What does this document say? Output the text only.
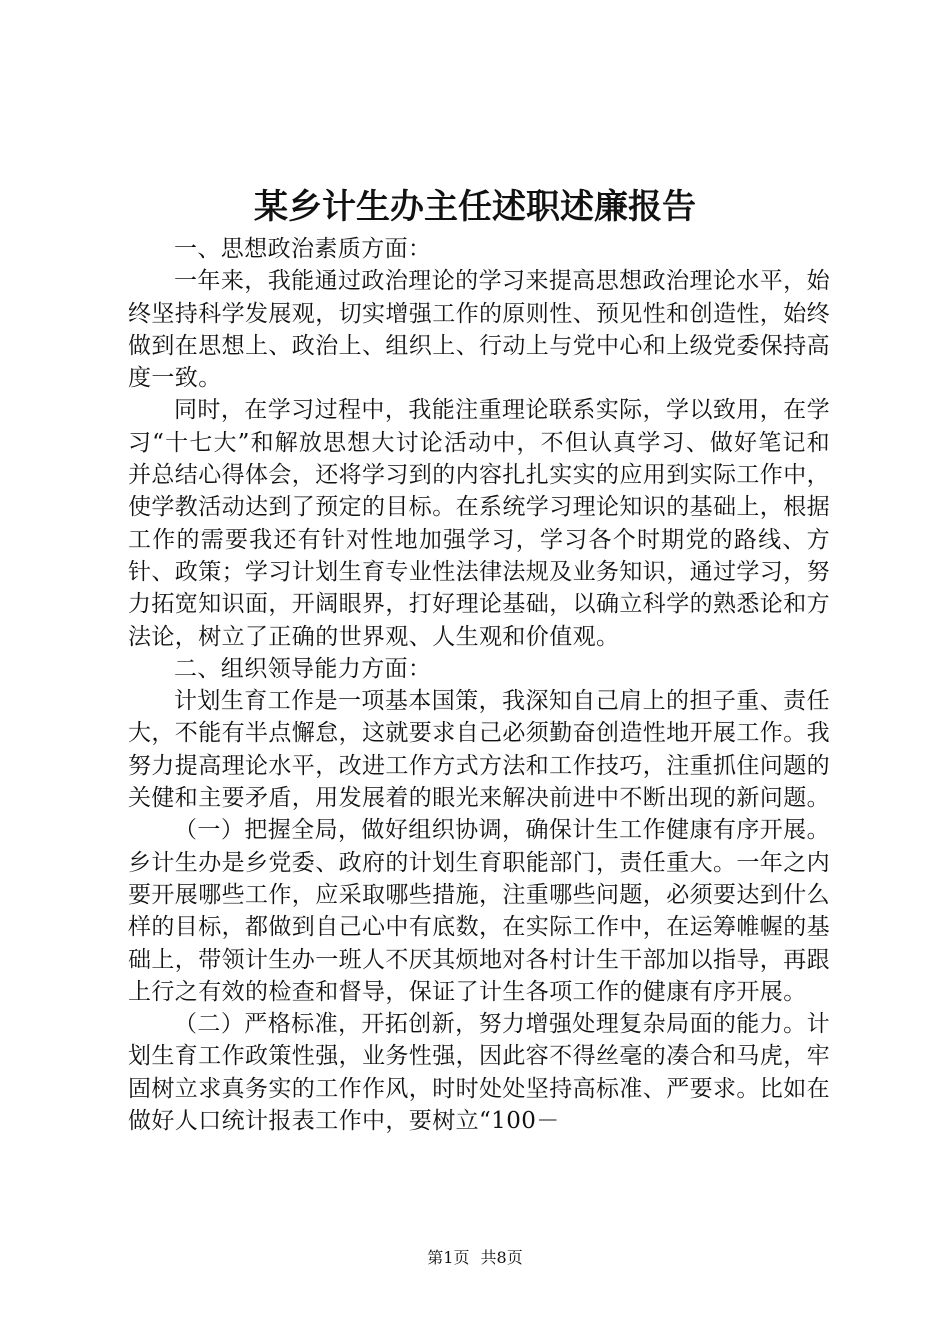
某乡计生办主任述职述廉报告

一、思想政治素质方面：

一年来，我能通过政治理论的学习来提高思想政治理论水平，始终坚持科学发展观，切实增强工作的原则性、预见性和创造性，始终做到在思想上、政治上、组织上、行动上与党中心和上级党委保持高度一致。

同时，在学习过程中，我能注重理论联系实际，学以致用，在学习“十七大”和解放思想大讨论活动中，不但认真学习、做好笔记和并总结心得体会，还将学习到的内容扎扎实实的应用到实际工作中，使学教活动达到了预定的目标。在系统学习理论知识的基础上，根据工作的需要我还有针对性地加强学习，学习各个时期党的路线、方针、政策；学习计划生育专业性法律法规及业务知识，通过学习，努力拓宽知识面，开阔眼界，打好理论基础，以确立科学的熟悉论和方法论，树立了正确的世界观、人生观和价值观。

二、组织领导能力方面：

计划生育工作是一项基本国策，我深知自己肩上的担子重、责任大，不能有半点懈怠，这就要求自己必须勤奋创造性地开展工作。我努力提高理论水平，改进工作方式方法和工作技巧，注重抓住问题的关健和主要矛盾，用发展着的眼光来解决前进中不断出现的新问题。

（一）把握全局，做好组织协调，确保计生工作健康有序开展。乡计生办是乡党委、政府的计划生育职能部门，责任重大。一年之内要开展哪些工作，应采取哪些措施，注重哪些问题，必须要达到什么样的目标，都做到自己心中有底数，在实际工作中，在运筹帷幄的基础上，带领计生办一班人不厌其烦地对各村计生干部加以指导，再跟上行之有效的检查和督导，保证了计生各项工作的健康有序开展。

（二）严格标准，开拓创新，努力增强处理复杂局面的能力。计划生育工作政策性强，业务性强，因此容不得丝毫的凑合和马虎，牢固树立求真务实的工作作风，时时处处坚持高标准、严要求。比如在做好人口统计报表工作中，要树立“100－

第1页 共8页
